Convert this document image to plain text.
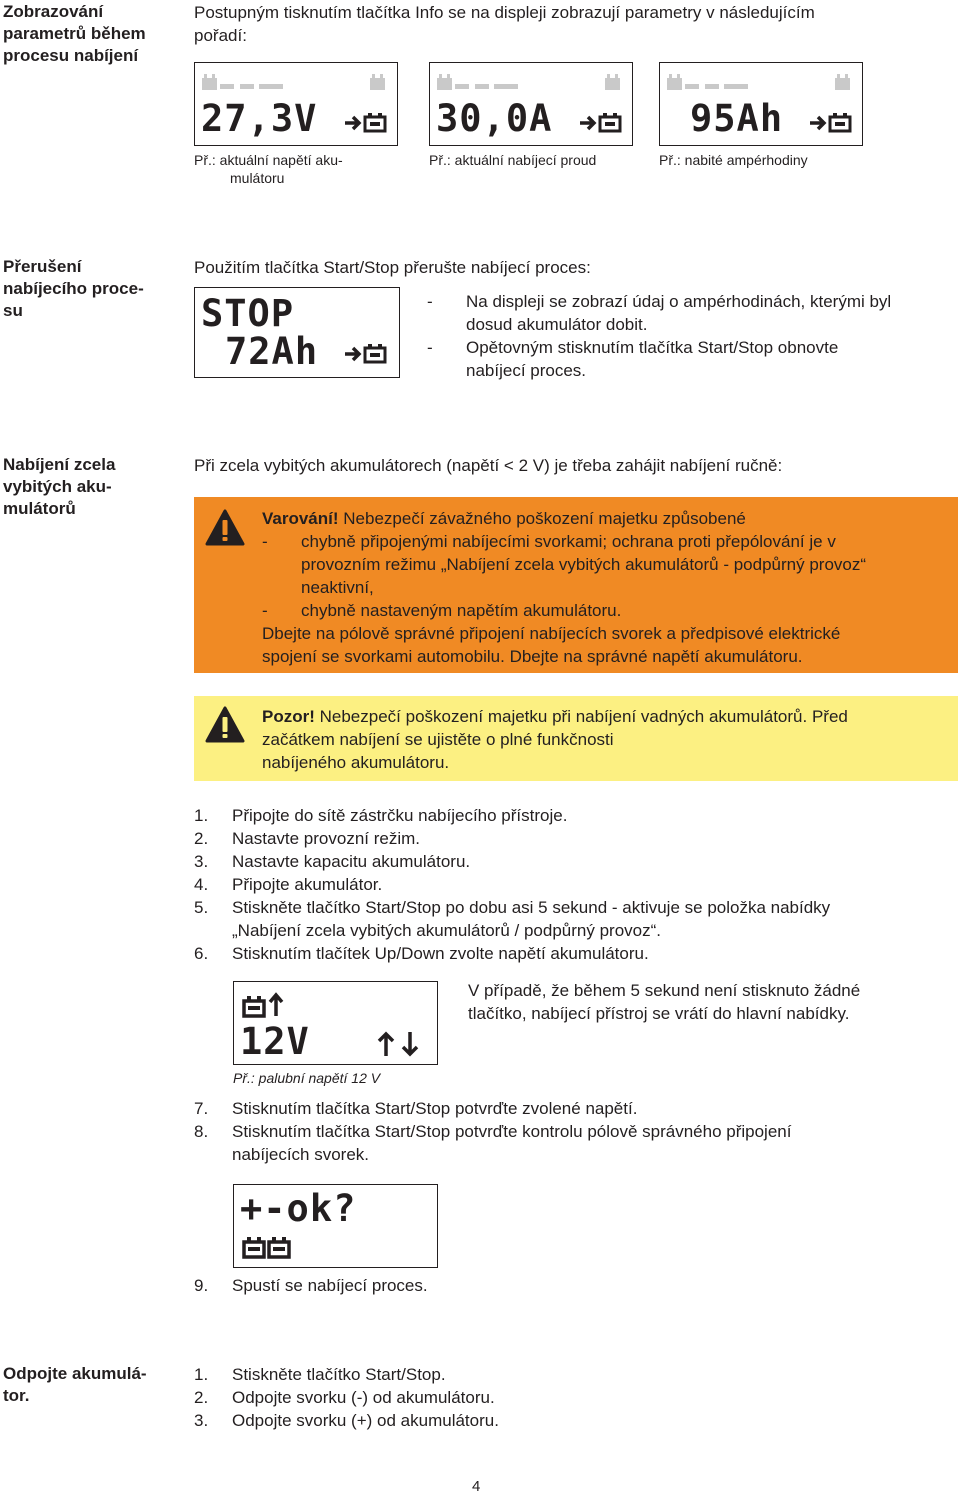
Zobrazování
parametrů během
procesu nabíjení
Postupným tisknutím tlačítka Info se na displeji zobrazují parametry v následujícím
pořadí:
27,3V	30,0A	95Ah
Př.: aktuální napětí aku-
mulátoru
Př.: aktuální nabíjecí proud	Př.: nabité ampérhodiny
Přerušení
nabíjecího proce-
su
Použitím tlačítka Start/Stop přerušte nabíjecí proces:
STOP
72Ah
- Na displeji se zobrazí údaj o ampérhodinách, kterými byl
dosud akumulátor dobit.
- Opětovným stisknutím tlačítka Start/Stop obnovte
nabíjecí proces.
Nabíjení zcela
vybitých aku-
mulátorů
Při zcela vybitých akumulátorech (napětí < 2 V) je třeba zahájit nabíjení ručně:
Varování! Nebezpečí závažného poškození majetku způsobené
- chybně připojenými nabíjecími svorkami; ochrana proti přepólování je v
provozním režimu „Nabíjení zcela vybitých akumulátorů - podpůrný provoz“
neaktivní,
- chybně nastaveným napětím akumulátoru.
Dbejte na pólově správné připojení nabíjecích svorek a předpisové elektrické
spojení se svorkami automobilu. Dbejte na správné napětí akumulátoru.
Pozor! Nebezpečí poškození majetku při nabíjení vadných akumulátorů. Před
začátkem nabíjení se ujistěte o plné funkčnosti
nabíjeného akumulátoru.
1. Připojte do sítě zástrčku nabíjecího přístroje.
2. Nastavte provozní režim.
3. Nastavte kapacitu akumulátoru.
4. Připojte akumulátor.
5. Stiskněte tlačítko Start/Stop po dobu asi 5 sekund - aktivuje se položka nabídky
„Nabíjení zcela vybitých akumulátorů / podpůrný provoz“.
6. Stisknutím tlačítek Up/Down zvolte napětí akumulátoru.
12V
Př.: palubní napětí 12 V
V případě, že během 5 sekund není stisknuto žádné
tlačítko, nabíjecí přístroj se vrátí do hlavní nabídky.
7. Stisknutím tlačítka Start/Stop potvrďte zvolené napětí.
8. Stisknutím tlačítka Start/Stop potvrďte kontrolu pólově správného připojení
nabíjecích svorek.
+-ok?
9. Spustí se nabíjecí proces.
Odpojte akumulá-
tor.
1. Stiskněte tlačítko Start/Stop.
2. Odpojte svorku (-) od akumulátoru.
3. Odpojte svorku (+) od akumulátoru.
4
